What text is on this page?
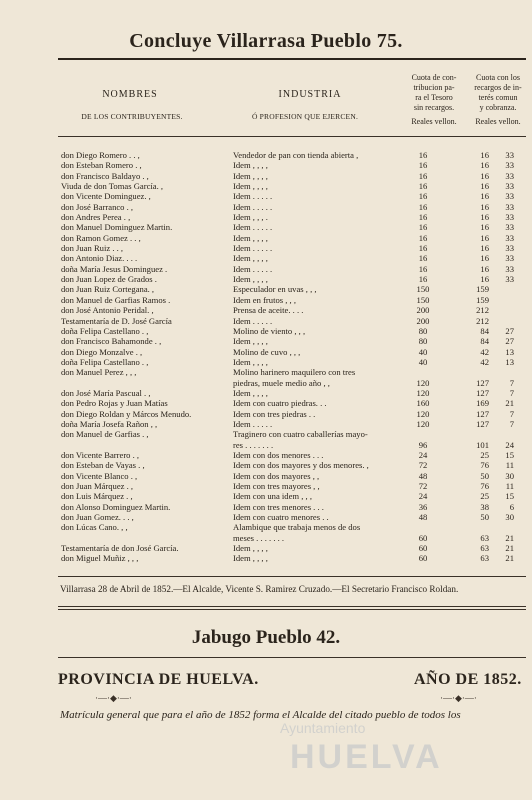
Concluye Villarrasa Pueblo 75.
NOMBRES
DE LOS CONTRIBUYENTES.
INDUSTRIA
Ó PROFESION QUE EJERCEN.
Cuota de con-
tribucion pa-
ra el Tesoro
sin recargos.
Reales vellon.
Cuota con los
recargos de in-
terés comun
y cobranza.
Reales vellon.
don Diego Romero . . ,	Vendedor de pan con tienda abierta ,	16	16	33
don Esteban Romero . ,	Idem , , , ,	16	16	33
don Francisco Baldayo . ,	Idem , , , ,	16	16	33
Viuda de don Tomas García. ,	Idem , , , ,	16	16	33
don Vicente Dominguez. ,	Idem . . . . .	16	16	33
don José Barranco . ,	Idem . . . . .	16	16	33
don Andres Perea . ,	Idem , , , .	16	16	33
don Manuel Dominguez Martin.	Idem . . . . .	16	16	33
don Ramon Gomez . . ,	Idem , , , ,	16	16	33
don Juan Ruiz . . ,	Idem . . . . .	16	16	33
don Antonio Diaz. . . .	Idem , , , ,	16	16	33
doña María Jesus Dominguez .	Idem . . . . .	16	16	33
don Juan Lopez de Grados .	Idem , , , ,	16	16	33
don Juan Ruiz Corteganа. ,	Especulador en uvas , , ,	150	159
don Manuel de Garfias Ramos .	Idem en frutos , , ,	150	159
don José Antonio Peridal. ,	Prensa de aceite. . . .	200	212
Testamentaría de D. José García	Idem . . . . .	200	212
doña Felipa Castellano . ,	Molino de viento , , ,	80	84	27
don Francisco Bahamonde . ,	Idem , , , ,	80	84	27
don Diego Monzalve . ,	Molino de cuvo , , ,	40	42	13
doña Felipa Castellano . ,	Idem , , , ,	40	42	13
don Manuel Perez , , ,	Molino harinero maquilero con tres
piedras, muele medio año , ,	120	127	7
don José María Pascual . ,	Idem , , , ,	120	127	7
don Pedro Rojas y Juan Matías	Idem con cuatro piedras. . .	160	169	21
don Diego Roldan y Márcos Menudo.	Idem con tres piedras . .	120	127	7
doña María Josefa Rañon , ,	Idem . . . . .	120	127	7
don Manuel de Garfias . ,	Traginero con cuatro caballerías mayo-
res . . . . . . .	96	101	24
don Vicente Barrero . ,	Idem con dos menores . . .	24	25	15
don Esteban de Vayas . ,	Idem con dos mayores y dos menores. ,	72	76	11
don Vicente Blanco . ,	Idem con dos mayores , ,	48	50	30
don Juan Márquez . ,	Idem con tres mayores , ,	72	76	11
don Luis Márquez . ,	Idem con una idem , , ,	24	25	15
don Alonso Dominguez Martin.	Idem con tres menores . . .	36	38	6
don Juan Gomez. . . ,	Idem con cuatro menores . .	48	50	30
don Lúcas Cano. , ,	Alambique que trabaja menos de dos
meses . . . . . . .	60	63	21
Testamentaría de don José García.	Idem , , , ,	60	63	21
don Miguel Muñiz , , ,	Idem , , , ,	60	63	21
Villarrasa 28 de Abril de 1852.—El Alcalde, Vicente S. Ramirez Cruzado.—El Secretario Francisco Roldan.
Jabugo Pueblo 42.
PROVINCIA DE HUELVA.	AÑO DE 1852.
·—·◆·—·	·—·◆·—·
Ayuntamiento
HUELVA
Matrícula general que para el año de 1852 forma el Alcalde del citado pueblo de todos los
